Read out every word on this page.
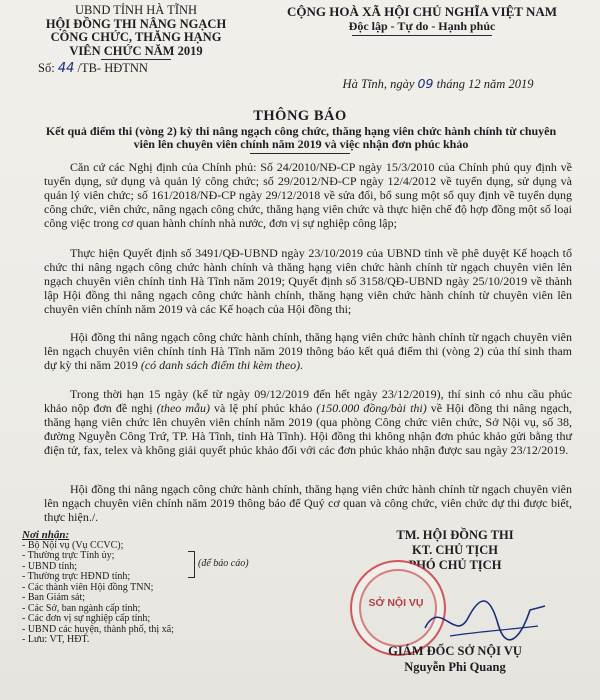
UBND TỈNH HÀ TĨNH
HỘI ĐỒNG THI NÂNG NGẠCH
CÔNG CHỨC, THĂNG HẠNG
VIÊN CHỨC NĂM 2019
Số: 44 /TB- HĐTNN
CỘNG HOÀ XÃ HỘI CHỦ NGHĨA VIỆT NAM
Độc lập - Tự do - Hạnh phúc
Hà Tĩnh, ngày 09 tháng 12 năm 2019
THÔNG BÁO
Kết quả điểm thi (vòng 2) kỳ thi nâng ngạch công chức, thăng hạng viên chức hành chính từ chuyên viên lên chuyên viên chính năm 2019 và việc nhận đơn phúc khảo

Căn cứ các Nghị định của Chính phủ: Số 24/2010/NĐ-CP ngày 15/3/2010 của Chính phủ quy định về tuyển dụng, sử dụng và quản lý công chức; số 29/2012/NĐ-CP ngày 12/4/2012 về tuyển dụng, sử dụng và quản lý viên chức; số 161/2018/NĐ-CP ngày 29/12/2018 về sửa đổi, bổ sung một số quy định về tuyển dụng công chức, viên chức, nâng ngạch công chức, thăng hạng viên chức và thực hiện chế độ hợp đồng một số loại công việc trong cơ quan hành chính nhà nước, đơn vị sự nghiệp công lập;

Thực hiện Quyết định số 3491/QĐ-UBND ngày 23/10/2019 của UBND tỉnh về phê duyệt Kế hoạch tổ chức thi nâng ngạch công chức hành chính và thăng hạng viên chức hành chính từ ngạch chuyên viên lên ngạch chuyên viên chính tỉnh Hà Tĩnh năm 2019; Quyết định số 3158/QĐ-UBND ngày 25/10/2019 về thành lập Hội đồng thi nâng ngạch công chức hành chính, thăng hạng viên chức hành chính từ chuyên viên lên chuyên viên chính năm 2019 và các Kế hoạch của Hội đồng thi;

Hội đồng thi nâng ngạch công chức hành chính, thăng hạng viên chức hành chính từ ngạch chuyên viên lên ngạch chuyên viên chính tỉnh Hà Tĩnh năm 2019 thông báo kết quả điểm thi (vòng 2) của thí sinh tham dự kỳ thi năm 2019 (có danh sách điểm thi kèm theo).

Trong thời hạn 15 ngày (kể từ ngày 09/12/2019 đến hết ngày 23/12/2019), thí sinh có nhu cầu phúc khảo nộp đơn đề nghị (theo mẫu) và lệ phí phúc khảo (150.000 đồng/bài thi) về Hội đồng thi nâng ngạch, thăng hạng viên chức lên chuyên viên chính năm 2019 (qua phòng Công chức viên chức, Sở Nội vụ, số 38, đường Nguyễn Công Trứ, TP. Hà Tĩnh, tỉnh Hà Tĩnh). Hội đồng thi không nhận đơn phúc khảo gửi bằng thư điện tử, fax, telex và không giải quyết phúc khảo đối với các đơn phúc khảo nhận được sau ngày 23/12/2019.

Hội đồng thi nâng ngạch công chức hành chính, thăng hạng viên chức hành chính từ ngạch chuyên viên lên ngạch chuyên viên chính năm 2019 thông báo để Quý cơ quan và công chức, viên chức dự thi được biết, thực hiện./.

Nơi nhận:
- Bộ Nội vụ (Vụ CCVC);
- Thường trực Tỉnh ủy;
- UBND tỉnh;
- Thường trực HĐND tỉnh;
- Các thành viên Hội đồng TNN;
- Ban Giám sát;
- Các Sở, ban ngành cấp tỉnh;
- Các đơn vị sự nghiệp cấp tỉnh;
- UBND các huyện, thành phố, thị xã;
- Lưu: VT, HĐT.
(để báo cáo)
TM. HỘI ĐỒNG THI
KT. CHỦ TỊCH
PHÓ CHỦ TỊCH
SỞ NỘI VỤ
GIÁM ĐỐC SỞ NỘI VỤ
Nguyễn Phi Quang
